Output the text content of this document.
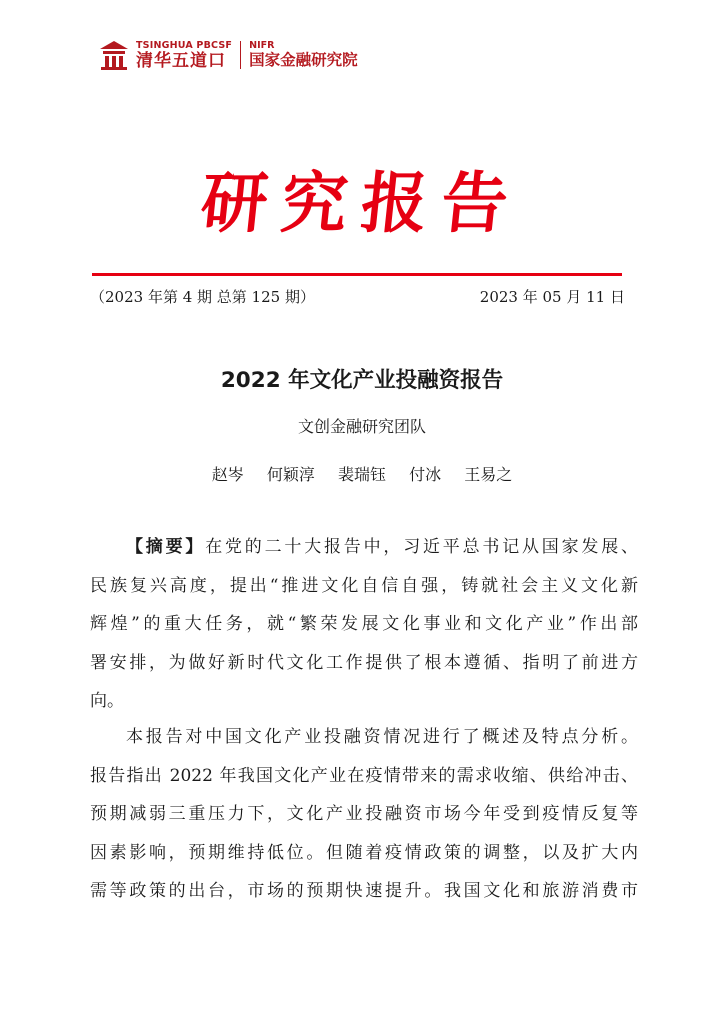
TSINGHUA PBCSF
清华五道口
NIFR
国家金融研究院
研究报告
（2023 年第 4 期 总第 125 期）	2023 年 05 月 11 日
2022 年文化产业投融资报告
文创金融研究团队
赵岑 何颖淳 裴瑞钰 付冰 王易之
【摘要】在党的二十大报告中，习近平总书记从国家发展、
民族复兴高度，提出“推进文化自信自强，铸就社会主义文化新
辉煌”的重大任务，就“繁荣发展文化事业和文化产业”作出部
署安排，为做好新时代文化工作提供了根本遵循、指明了前进方
向。
本报告对中国文化产业投融资情况进行了概述及特点分析。
报告指出 2022 年我国文化产业在疫情带来的需求收缩、供给冲击、
预期减弱三重压力下，文化产业投融资市场今年受到疫情反复等
因素影响，预期维持低位。但随着疫情政策的调整，以及扩大内
需等政策的出台，市场的预期快速提升。我国文化和旅游消费市
